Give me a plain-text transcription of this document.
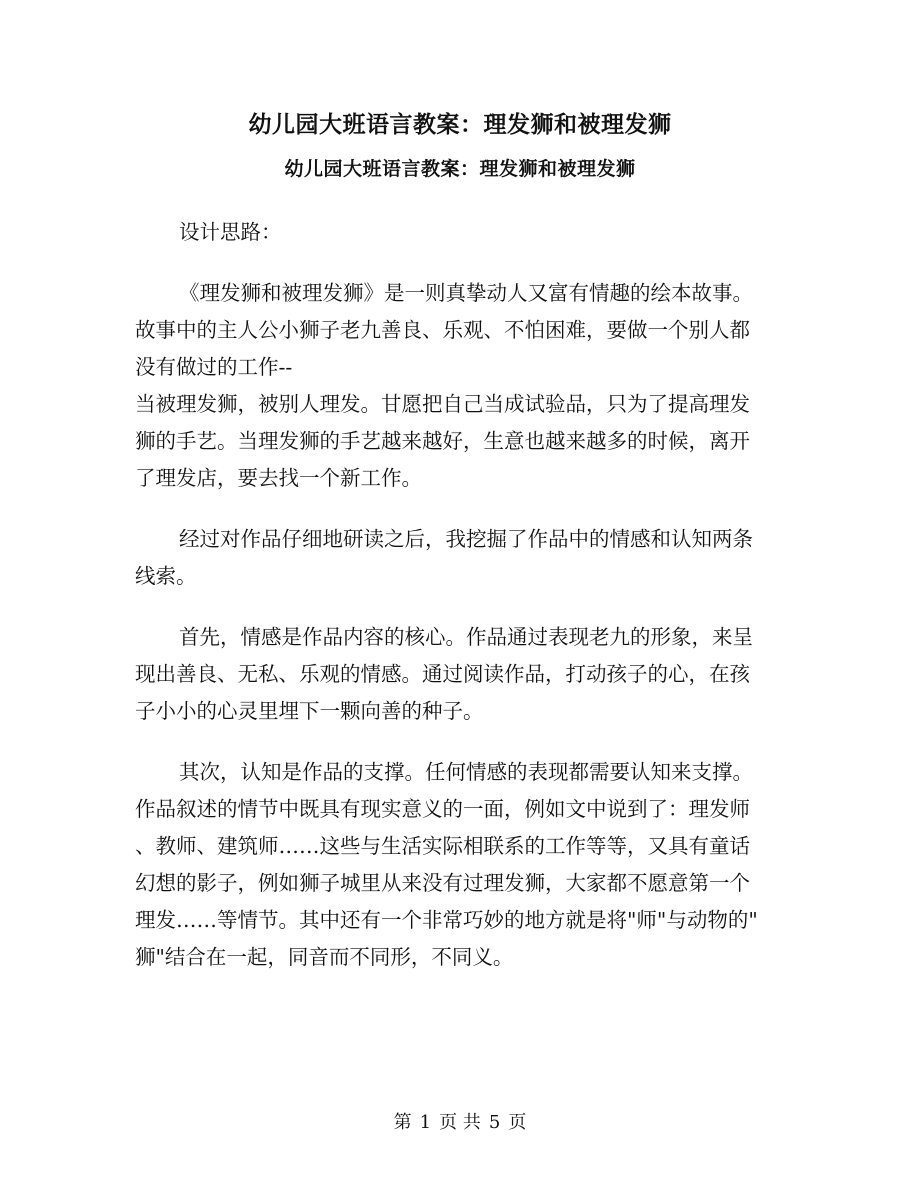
幼儿园大班语言教案：理发狮和被理发狮
幼儿园大班语言教案：理发狮和被理发狮

设计思路：

《理发狮和被理发狮》是一则真挚动人又富有情趣的绘本故事。
故事中的主人公小狮子老九善良、乐观、不怕困难，要做一个别人都
没有做过的工作--
当被理发狮，被别人理发。甘愿把自己当成试验品，只为了提高理发
狮的手艺。当理发狮的手艺越来越好，生意也越来越多的时候，离开
了理发店，要去找一个新工作。

经过对作品仔细地研读之后，我挖掘了作品中的情感和认知两条
线索。

首先，情感是作品内容的核心。作品通过表现老九的形象，来呈
现出善良、无私、乐观的情感。通过阅读作品，打动孩子的心，在孩
子小小的心灵里埋下一颗向善的种子。

其次，认知是作品的支撑。任何情感的表现都需要认知来支撑。
作品叙述的情节中既具有现实意义的一面，例如文中说到了：理发师
、教师、建筑师……这些与生活实际相联系的工作等等，又具有童话
幻想的影子，例如狮子城里从来没有过理发狮，大家都不愿意第一个
理发……等情节。其中还有一个非常巧妙的地方就是将"师"与动物的"
狮"结合在一起，同音而不同形，不同义。

第 1 页 共 5 页
